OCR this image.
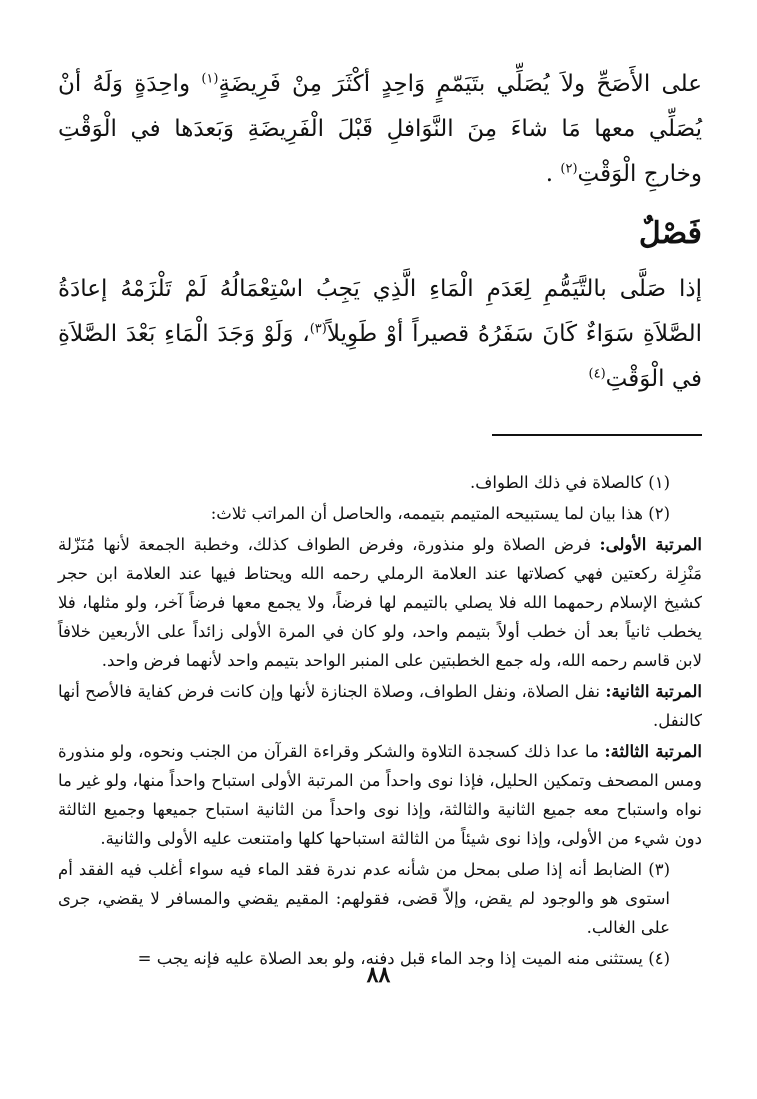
على الأَصَحِّ ولاَ يُصَلِّي بتَيَمّمٍ وَاحِدٍ أكْثَرَ مِنْ فَرِيضَةٍ$^{(١)}$ واحِدَةٍ وَلَهُ أنْ يُصَلِّي معها مَا شاءَ مِنَ النَّوَافلِ قَبْلَ الْفَرِيضَةِ وَبَعدَها في الْوَقْتِ وخارجِ الْوَقْتِ$^{(٢)}$ .

فَصْلٌ

إذا صَلَّى بالتَّيَمُّمِ لِعَدَمِ الْمَاءِ الَّذِي يَجِبُ اسْتِعْمَالُهُ لَمْ تَلْزَمْهُ إعادَةُ الصَّلاَةِ سَوَاءٌ كَانَ سَفَرُهُ قصيراً أوْ طَوِيلاً$^{(٣)}$، وَلَوْ وَجَدَ الْمَاءِ بَعْدَ الصَّلاَةِ في الْوَقْتِ$^{(٤)}$

(١) كالصلاة في ذلك الطواف.

(٢) هذا بيان لما يستبيحه المتيمم بتيممه، والحاصل أن المراتب ثلاث:

المرتبة الأولى: فرض الصلاة ولو منذورة، وفرض الطواف كذلك، وخطبة الجمعة لأنها مُنَزّلة مَنْزِلة ركعتين فهي كصلاتها عند العلامة الرملي رحمه الله ويحتاط فيها عند العلامة ابن حجر كشيخ الإسلام رحمهما الله فلا يصلي بالتيمم لها فرضاً، ولا يجمع معها فرضاً آخر، ولو مثلها، فلا يخطب ثانياً بعد أن خطب أولاً بتيمم واحد، ولو كان في المرة الأولى زائداً على الأربعين خلافاً لابن قاسم رحمه الله، وله جمع الخطبتين على المنبر الواحد بتيمم واحد لأنهما فرض واحد.

المرتبة الثانية: نفل الصلاة، ونفل الطواف، وصلاة الجنازة لأنها وإن كانت فرض كفاية فالأصح أنها كالنفل.

المرتبة الثالثة: ما عدا ذلك كسجدة التلاوة والشكر وقراءة القرآن من الجنب ونحوه، ولو منذورة ومس المصحف وتمكين الحليل، فإذا نوى واحداً من المرتبة الأولى استباح واحداً منها، ولو غير ما نواه واستباح معه جميع الثانية والثالثة، وإذا نوى واحداً من الثانية استباح جميعها وجميع الثالثة دون شيء من الأولى، وإذا نوى شيئاً من الثالثة استباحها كلها وامتنعت عليه الأولى والثانية.

(٣) الضابط أنه إذا صلى بمحل من شأنه عدم ندرة فقد الماء فيه سواء أغلب فيه الفقد أم استوى هو والوجود لم يقض، وإلاّ قضى، فقولهم: المقيم يقضي والمسافر لا يقضي، جرى على الغالب.

(٤) يستثنى منه الميت إذا وجد الماء قبل دفنه، ولو بعد الصلاة عليه فإنه يجب =

٨٨
